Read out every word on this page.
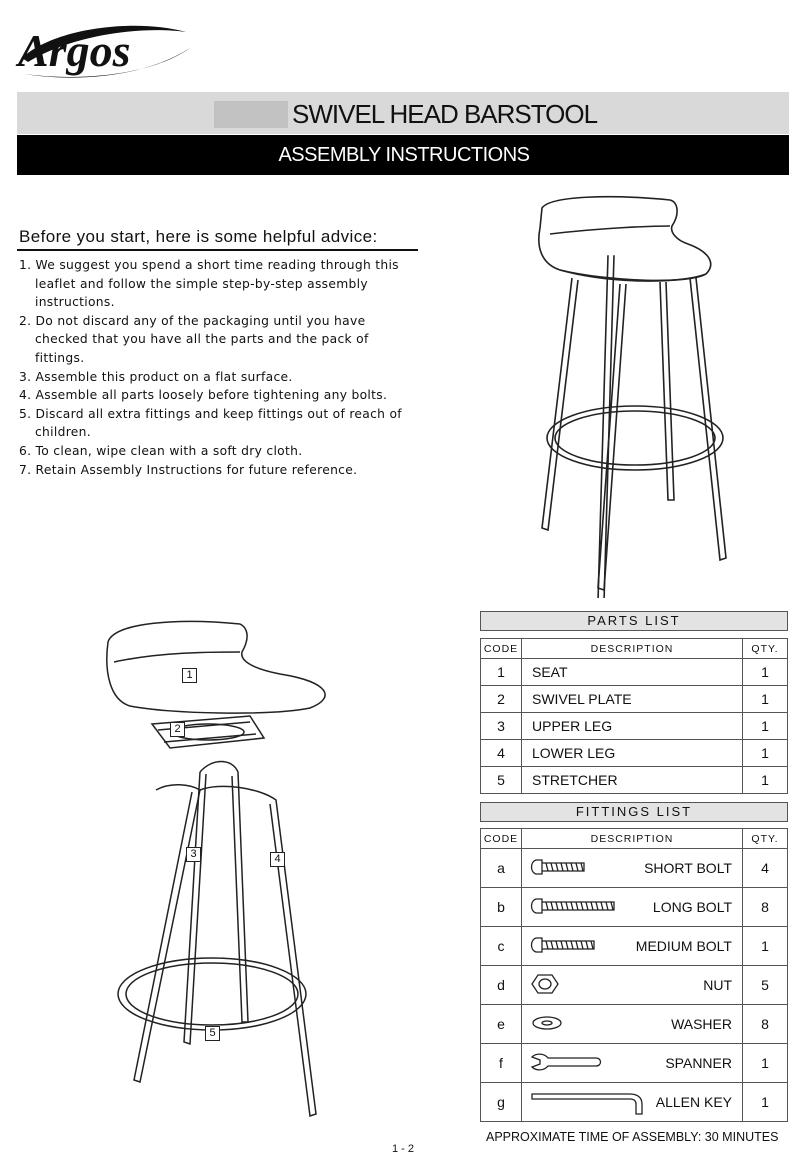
Argos
SWIVEL HEAD BARSTOOL
ASSEMBLY INSTRUCTIONS
Before you start, here is some helpful advice:
1. We suggest you spend a short time reading through this leaflet and follow the simple step-by-step assembly instructions.
2. Do not discard any of the packaging until you have checked that you have all the parts and the pack of fittings.
3. Assemble this product on a flat surface.
4. Assemble all parts loosely before tightening any bolts.
5. Discard all extra fittings and keep fittings out of reach of children.
6. To clean, wipe clean with a soft dry cloth.
7. Retain Assembly Instructions for future reference.
1
2
3	4
5
PARTS LIST
CODE	DESCRIPTION	QTY.
1	SEAT	1
2	SWIVEL PLATE	1
3	UPPER LEG	1
4	LOWER LEG	1
5	STRETCHER	1
FITTINGS LIST
CODE	DESCRIPTION	QTY.
a	SHORT BOLT	4
b	LONG BOLT	8
c	MEDIUM BOLT	1
d	NUT	5
e	WASHER	8
f	SPANNER	1
g	ALLEN KEY	1
APPROXIMATE TIME OF ASSEMBLY: 30 MINUTES
1 - 2
